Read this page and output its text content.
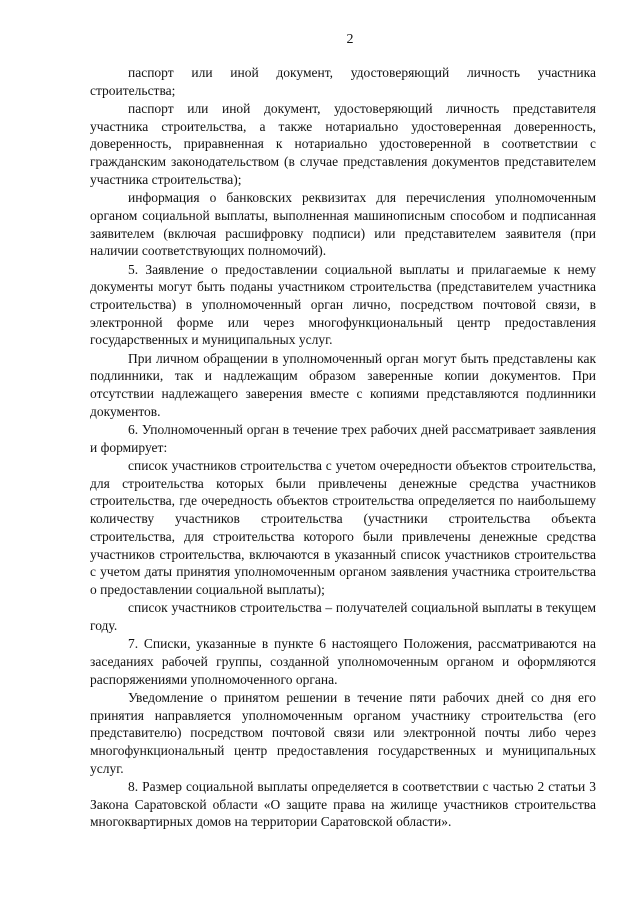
2

паспорт или иной документ, удостоверяющий личность участника строительства;

паспорт или иной документ, удостоверяющий личность представителя участника строительства, а также нотариально удостоверенная доверенность, доверенность, приравненная к нотариально удостоверенной в соответствии с гражданским законодательством (в случае представления документов представителем участника строительства);

информация о банковских реквизитах для перечисления уполномоченным органом социальной выплаты, выполненная машинописным способом и подписанная заявителем (включая расшифровку подписи) или представителем заявителя (при наличии соответствующих полномочий).

5. Заявление о предоставлении социальной выплаты и прилагаемые к нему документы могут быть поданы участником строительства (представителем участника строительства) в уполномоченный орган лично, посредством почтовой связи, в электронной форме или через многофункциональный центр предоставления государственных и муниципальных услуг.

При личном обращении в уполномоченный орган могут быть представлены как подлинники, так и надлежащим образом заверенные копии документов. При отсутствии надлежащего заверения вместе с копиями представляются подлинники документов.

6. Уполномоченный орган в течение трех рабочих дней рассматривает заявления и формирует:

список участников строительства с учетом очередности объектов строительства, для строительства которых были привлечены денежные средства участников строительства, где очередность объектов строительства определяется по наибольшему количеству участников строительства (участники строительства объекта строительства, для строительства которого были привлечены денежные средства участников строительства, включаются в указанный список участников строительства с учетом даты принятия уполномоченным органом заявления участника строительства о предоставлении социальной выплаты);

список участников строительства – получателей социальной выплаты в текущем году.

7. Списки, указанные в пункте 6 настоящего Положения, рассматриваются на заседаниях рабочей группы, созданной уполномоченным органом и оформляются распоряжениями уполномоченного органа.

Уведомление о принятом решении в течение пяти рабочих дней со дня его принятия направляется уполномоченным органом участнику строительства (его представителю) посредством почтовой связи или электронной почты либо через многофункциональный центр предоставления государственных и муниципальных услуг.

8. Размер социальной выплаты определяется в соответствии с частью 2 статьи 3 Закона Саратовской области «О защите права на жилище участников строительства многоквартирных домов на территории Саратовской области».
